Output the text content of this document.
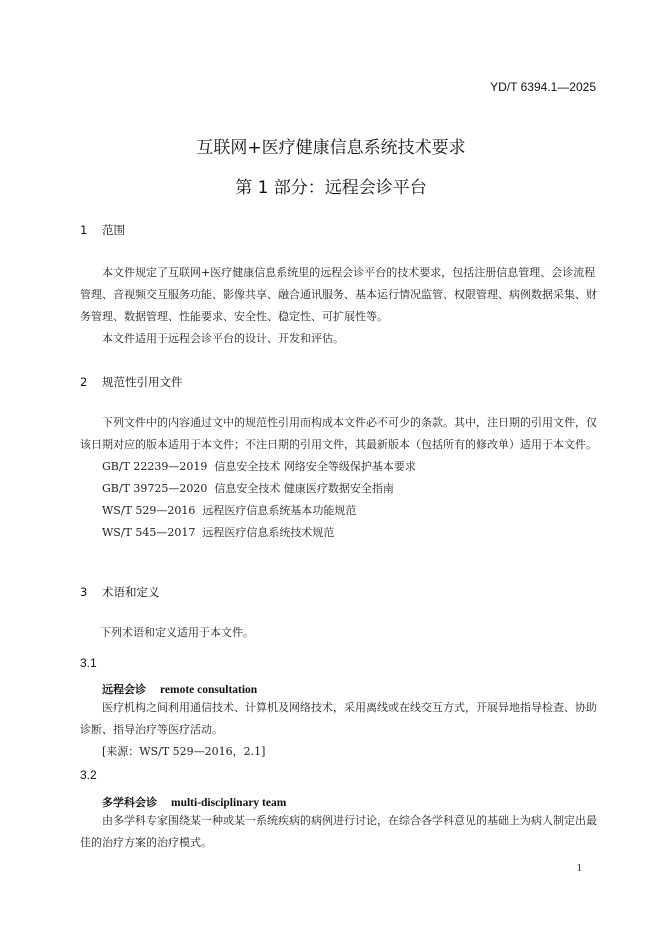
YD/T 6394.1—2025
互联网+医疗健康信息系统技术要求
第 1 部分：远程会诊平台
1 范围

本文件规定了互联网+医疗健康信息系统里的远程会诊平台的技术要求，包括注册信息管理、会诊流程管理、音视频交互服务功能、影像共享、融合通讯服务、基本运行情况监管、权限管理、病例数据采集、财务管理、数据管理、性能要求、安全性、稳定性、可扩展性等。

本文件适用于远程会诊平台的设计、开发和评估。

2 规范性引用文件

下列文件中的内容通过文中的规范性引用而构成本文件必不可少的条款。其中，注日期的引用文件，仅该日期对应的版本适用于本文件；不注日期的引用文件，其最新版本（包括所有的修改单）适用于本文件。

GB/T 22239—2019 信息安全技术 网络安全等级保护基本要求

GB/T 39725—2020 信息安全技术 健康医疗数据安全指南

WS/T 529—2016 远程医疗信息系统基本功能规范

WS/T 545—2017 远程医疗信息系统技术规范

3 术语和定义
下列术语和定义适用于本文件。
3.1
远程会诊 remote consultation

医疗机构之间利用通信技术、计算机及网络技术，采用离线或在线交互方式，开展异地指导检查、协助诊断、指导治疗等医疗活动。

[来源：WS/T 529—2016，2.1]

3.2
多学科会诊 multi-disciplinary team

由多学科专家围绕某一种或某一系统疾病的病例进行讨论，在综合各学科意见的基础上为病人制定出最佳的治疗方案的治疗模式。

1
